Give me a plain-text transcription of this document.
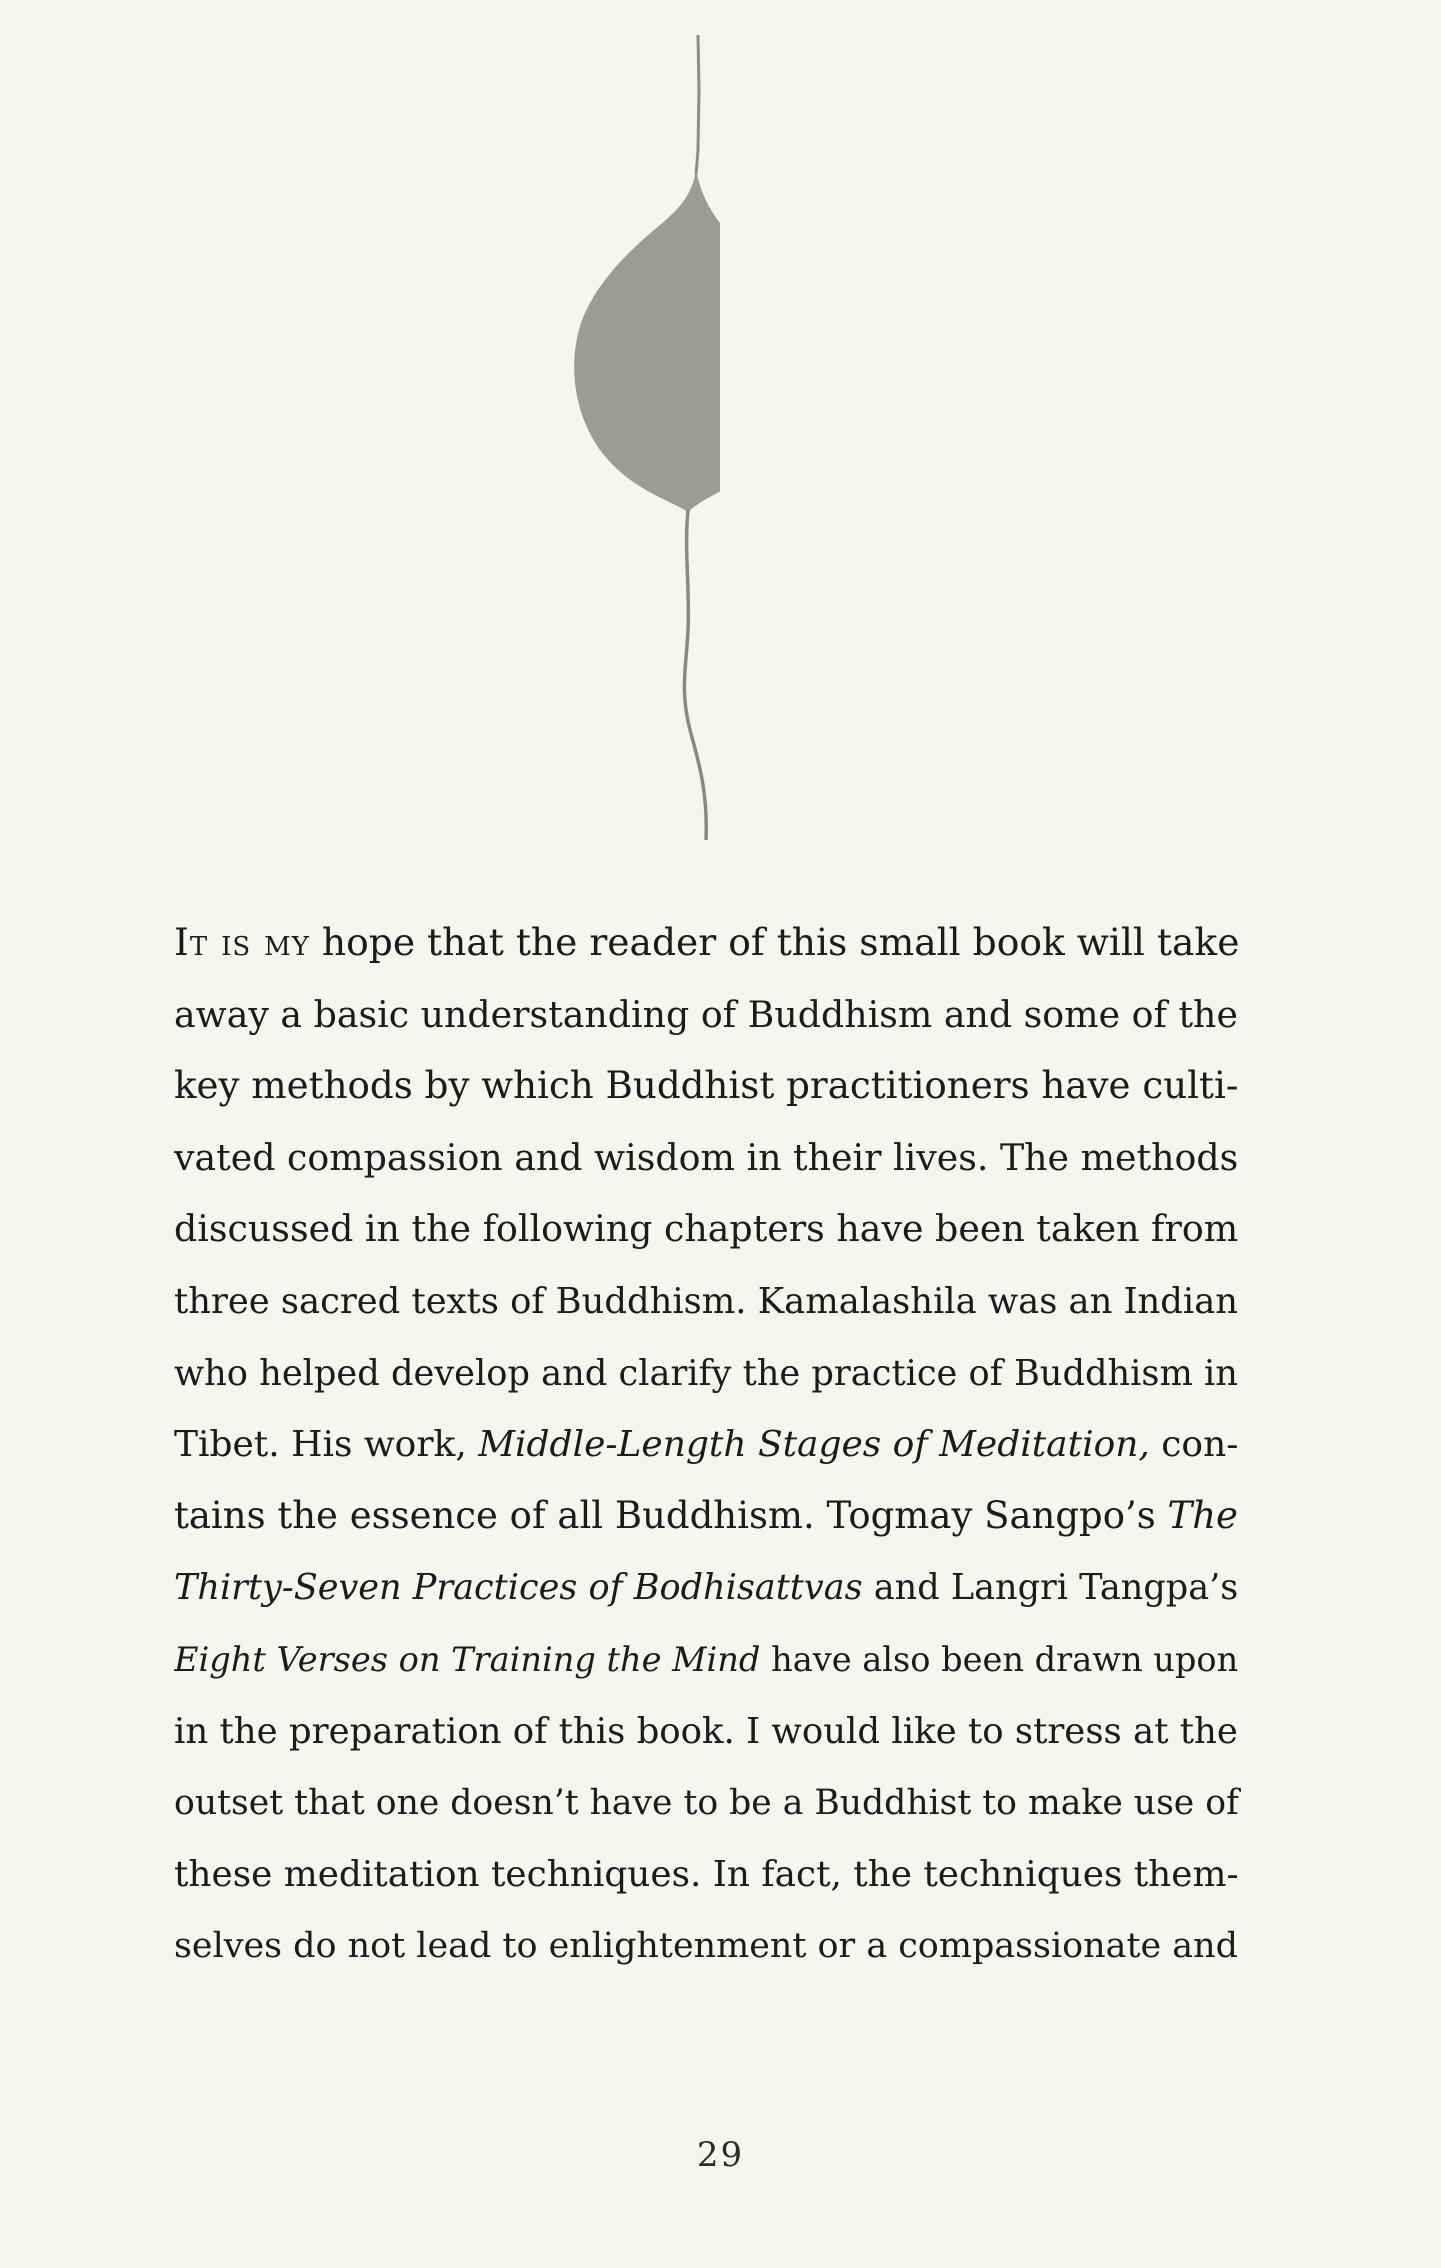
It is my hope that the reader of this small book will take
away a basic understanding of Buddhism and some of the
key methods by which Buddhist practitioners have culti-
vated compassion and wisdom in their lives. The methods
discussed in the following chapters have been taken from
three sacred texts of Buddhism. Kamalashila was an Indian
who helped develop and clarify the practice of Buddhism in
Tibet. His work, Middle-Length Stages of Meditation, con-
tains the essence of all Buddhism. Togmay Sangpo’s The
Thirty-Seven Practices of Bodhisattvas and Langri Tangpa’s
Eight Verses on Training the Mind have also been drawn upon
in the preparation of this book. I would like to stress at the
outset that one doesn’t have to be a Buddhist to make use of
these meditation techniques. In fact, the techniques them-
selves do not lead to enlightenment or a compassionate and
29
